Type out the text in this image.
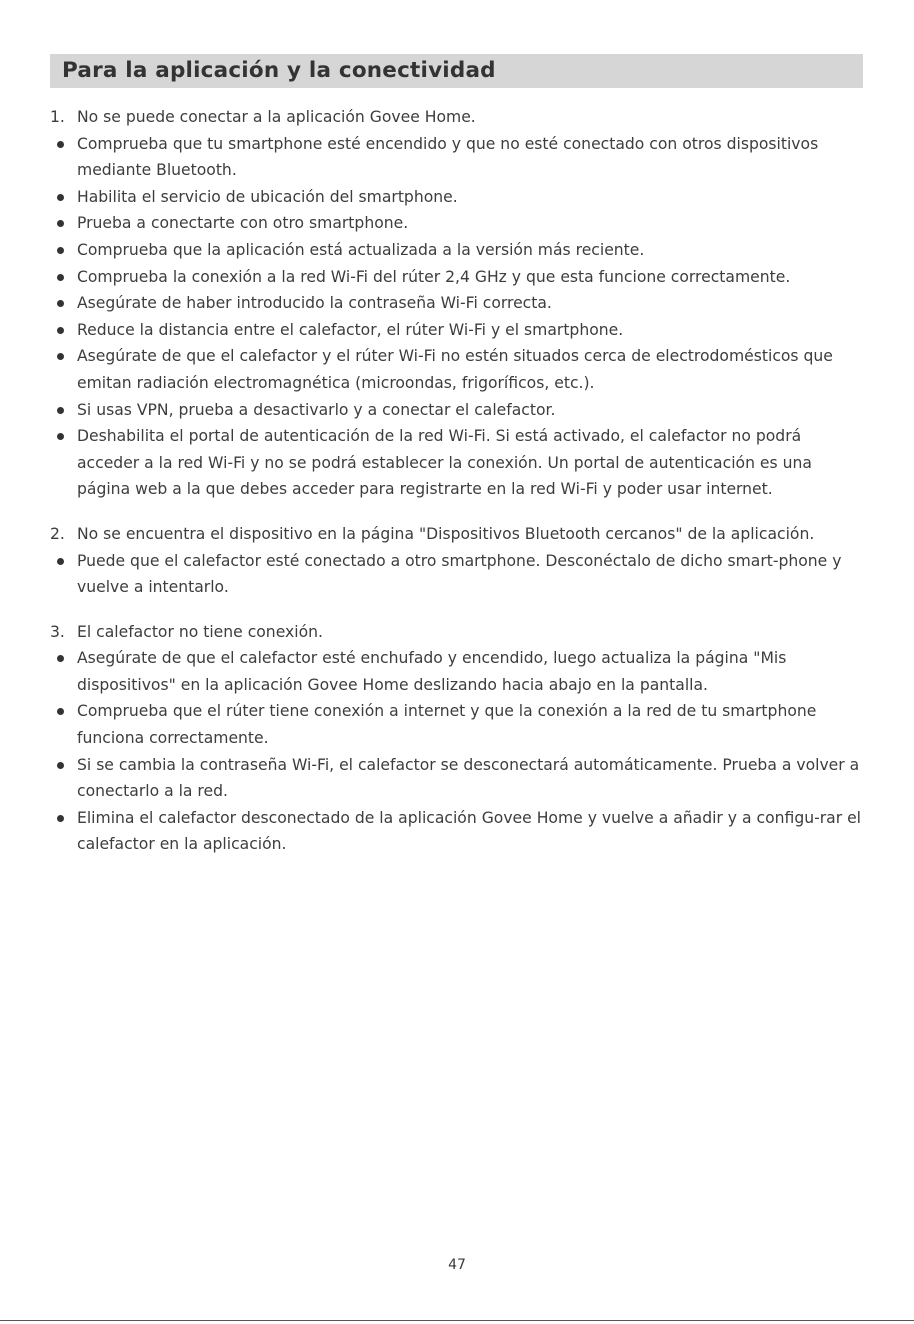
Para la aplicación y la conectividad
1. No se puede conectar a la aplicación Govee Home.
Comprueba que tu smartphone esté encendido y que no esté conectado con otros dispositivos mediante Bluetooth.
Habilita el servicio de ubicación del smartphone.
Prueba a conectarte con otro smartphone.
Comprueba que la aplicación está actualizada a la versión más reciente.
Comprueba la conexión a la red Wi-Fi del rúter 2,4 GHz y que esta funcione correctamente.
Asegúrate de haber introducido la contraseña Wi-Fi correcta.
Reduce la distancia entre el calefactor, el rúter Wi-Fi y el smartphone.
Asegúrate de que el calefactor y el rúter Wi-Fi no estén situados cerca de electrodomésticos que emitan radiación electromagnética (microondas, frigoríficos, etc.).
Si usas VPN, prueba a desactivarlo y a conectar el calefactor.
Deshabilita el portal de autenticación de la red Wi-Fi. Si está activado, el calefactor no podrá acceder a la red Wi-Fi y no se podrá establecer la conexión. Un portal de autenticación es una página web a la que debes acceder para registrarte en la red Wi-Fi y poder usar internet.
2. No se encuentra el dispositivo en la página "Dispositivos Bluetooth cercanos" de la aplicación.
Puede que el calefactor esté conectado a otro smartphone. Desconéctalo de dicho smart-phone y vuelve a intentarlo.
3. El calefactor no tiene conexión.
Asegúrate de que el calefactor esté enchufado y encendido, luego actualiza la página "Mis dispositivos" en la aplicación Govee Home deslizando hacia abajo en la pantalla.
Comprueba que el rúter tiene conexión a internet y que la conexión a la red de tu smartphone funciona correctamente.
Si se cambia la contraseña Wi-Fi, el calefactor se desconectará automáticamente. Prueba a volver a conectarlo a la red.
Elimina el calefactor desconectado de la aplicación Govee Home y vuelve a añadir y a configu-rar el calefactor en la aplicación.
47
